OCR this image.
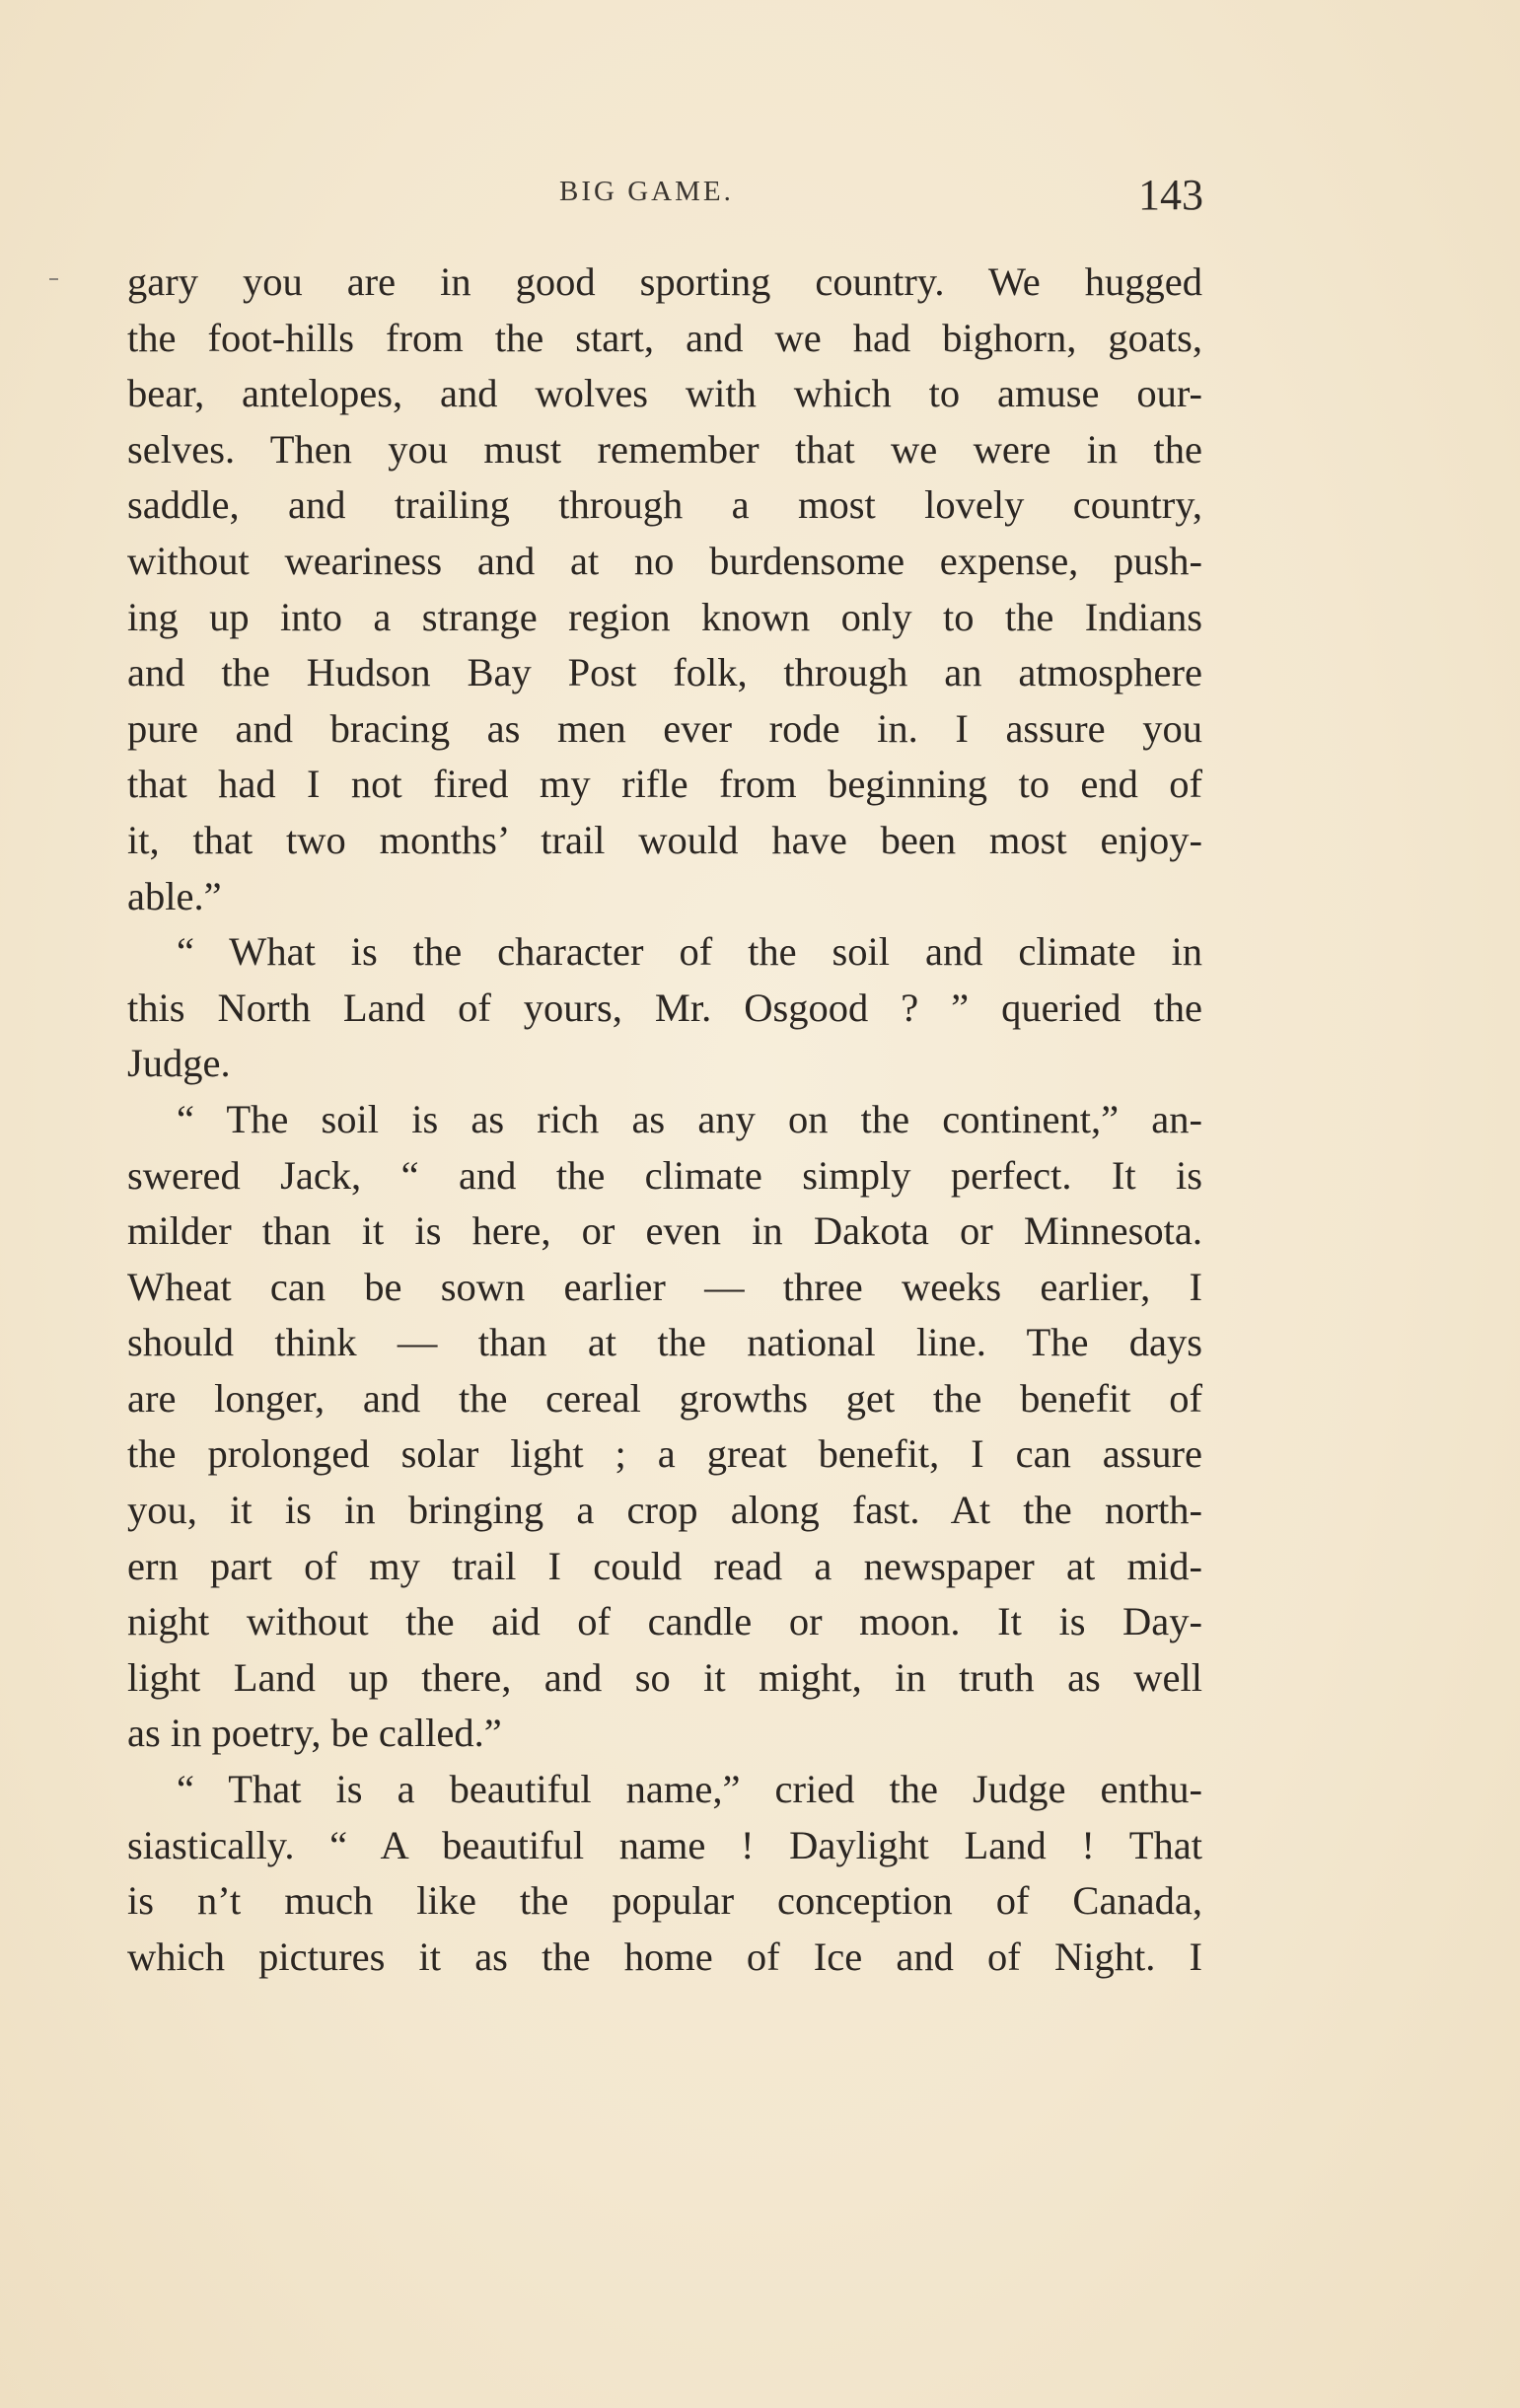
BIG GAME.	143
gary you are in good sporting country. We hugged
the foot-hills from the start, and we had bighorn, goats,
bear, antelopes, and wolves with which to amuse our-
selves. Then you must remember that we were in the
saddle, and trailing through a most lovely country,
without weariness and at no burdensome expense, push-
ing up into a strange region known only to the Indians
and the Hudson Bay Post folk, through an atmosphere
pure and bracing as men ever rode in. I assure you
that had I not fired my rifle from beginning to end of
it, that two months’ trail would have been most enjoy-
able.”
“ What is the character of the soil and climate in
this North Land of yours, Mr. Osgood ? ” queried the
Judge.
“ The soil is as rich as any on the continent,” an-
swered Jack, “ and the climate simply perfect. It is
milder than it is here, or even in Dakota or Minnesota.
Wheat can be sown earlier — three weeks earlier, I
should think — than at the national line. The days
are longer, and the cereal growths get the benefit of
the prolonged solar light ; a great benefit, I can assure
you, it is in bringing a crop along fast. At the north-
ern part of my trail I could read a newspaper at mid-
night without the aid of candle or moon. It is Day-
light Land up there, and so it might, in truth as well
as in poetry, be called.”
“ That is a beautiful name,” cried the Judge enthu-
siastically. “ A beautiful name ! Daylight Land ! That
is n’t much like the popular conception of Canada,
which pictures it as the home of Ice and of Night. I
